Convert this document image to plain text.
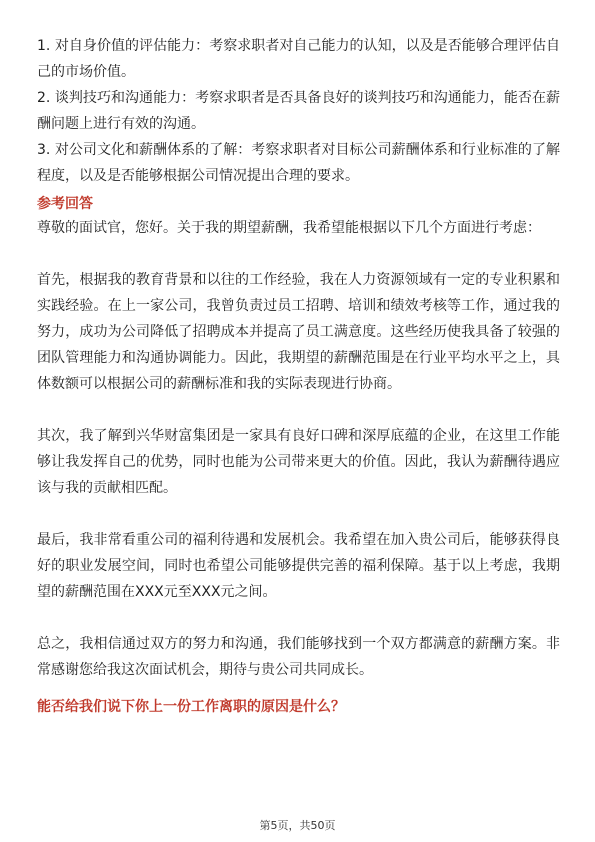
1. 对自身价值的评估能力：考察求职者对自己能力的认知，以及是否能够合理评估自己的市场价值。

2. 谈判技巧和沟通能力：考察求职者是否具备良好的谈判技巧和沟通能力，能否在薪酬问题上进行有效的沟通。

3. 对公司文化和薪酬体系的了解：考察求职者对目标公司薪酬体系和行业标准的了解程度，以及是否能够根据公司情况提出合理的要求。

参考回答

尊敬的面试官，您好。关于我的期望薪酬，我希望能根据以下几个方面进行考虑：

首先，根据我的教育背景和以往的工作经验，我在人力资源领域有一定的专业积累和实践经验。在上一家公司，我曾负责过员工招聘、培训和绩效考核等工作，通过我的努力，成功为公司降低了招聘成本并提高了员工满意度。这些经历使我具备了较强的团队管理能力和沟通协调能力。因此，我期望的薪酬范围是在行业平均水平之上，具体数额可以根据公司的薪酬标准和我的实际表现进行协商。

其次，我了解到兴华财富集团是一家具有良好口碑和深厚底蕴的企业，在这里工作能够让我发挥自己的优势，同时也能为公司带来更大的价值。因此，我认为薪酬待遇应该与我的贡献相匹配。

最后，我非常看重公司的福利待遇和发展机会。我希望在加入贵公司后，能够获得良好的职业发展空间，同时也希望公司能够提供完善的福利保障。基于以上考虑，我期望的薪酬范围在XXX元至XXX元之间。

总之，我相信通过双方的努力和沟通，我们能够找到一个双方都满意的薪酬方案。非常感谢您给我这次面试机会，期待与贵公司共同成长。

能否给我们说下你上一份工作离职的原因是什么？

第5页，共50页
